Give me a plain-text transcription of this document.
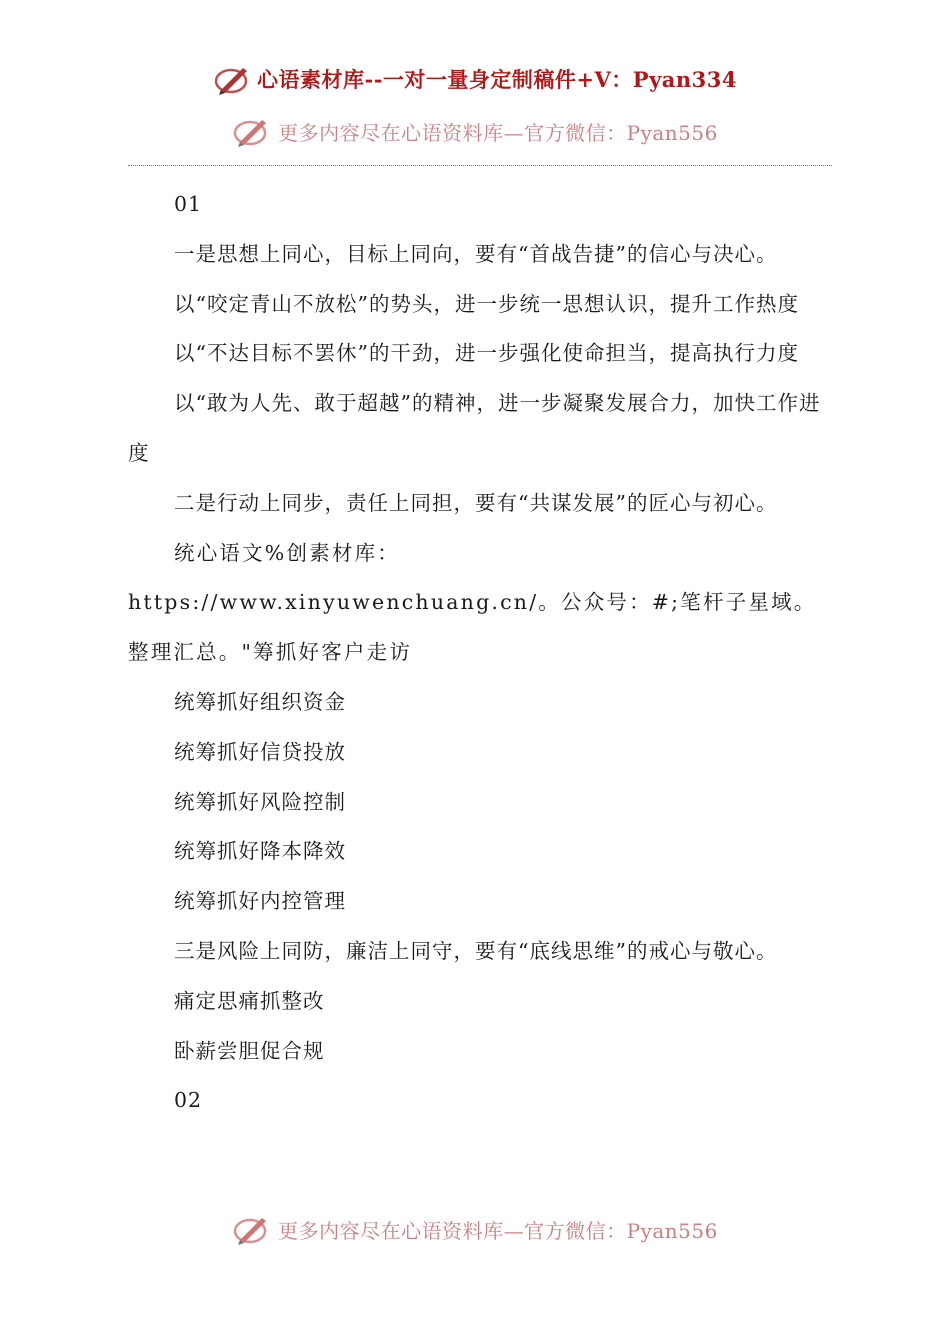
心语素材库--一对一量身定制稿件+V：Pyan334
更多内容尽在心语资料库—官方微信：Pyan556

01

一是思想上同心，目标上同向，要有“首战告捷”的信心与决心。

以“咬定青山不放松”的势头，进一步统一思想认识，提升工作热度

以“不达目标不罢休”的干劲，进一步强化使命担当，提高执行力度

以“敢为人先、敢于超越”的精神，进一步凝聚发展合力，加快工作进度

二是行动上同步，责任上同担，要有“共谋发展”的匠心与初心。

统心语文%创素材库：https://www.xinyuwenchuang.cn/。公众号：#;笔杆子星域。整理汇总。"筹抓好客户走访

统筹抓好组织资金

统筹抓好信贷投放

统筹抓好风险控制

统筹抓好降本降效

统筹抓好内控管理

三是风险上同防，廉洁上同守，要有“底线思维”的戒心与敬心。

痛定思痛抓整改

卧薪尝胆促合规

02

更多内容尽在心语资料库—官方微信：Pyan556
